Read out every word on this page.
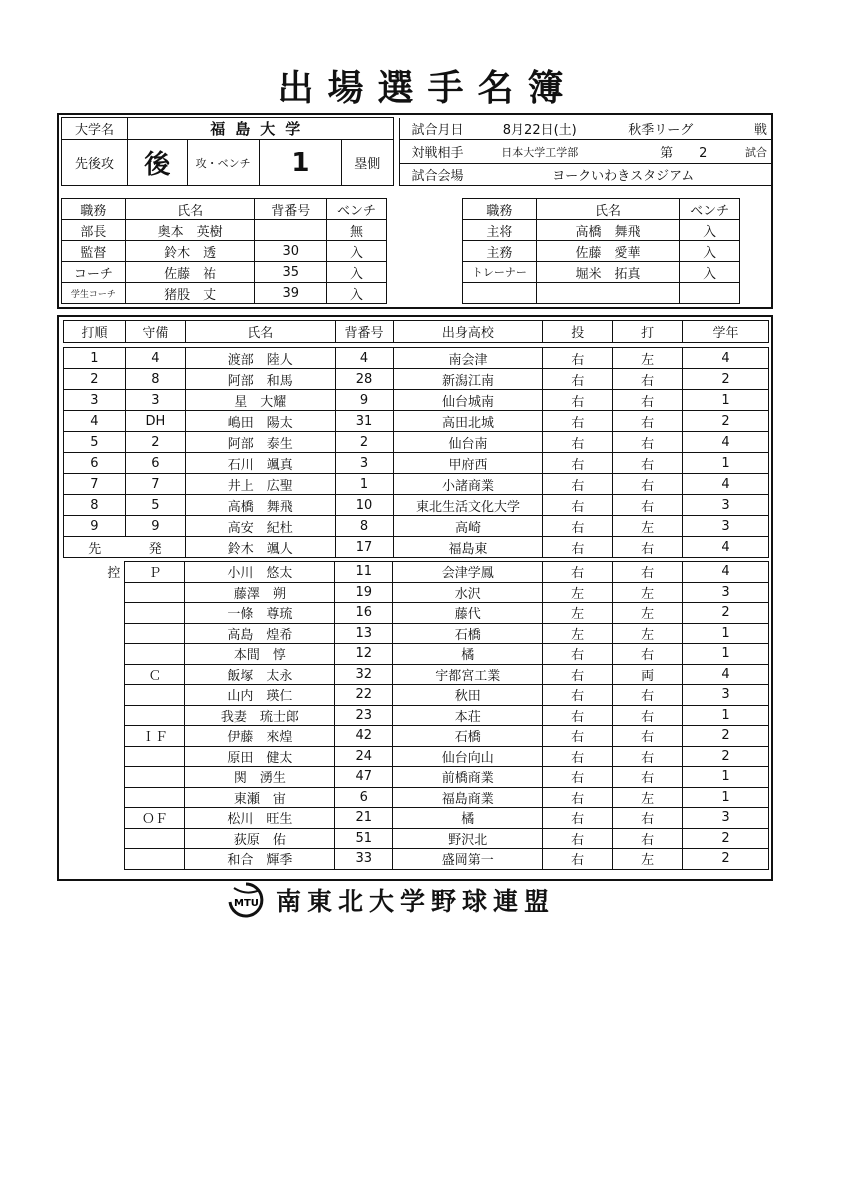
出場選手名簿
大学名	福島大学					試合月日	8月22日(土)	秋季リーグ	戦
先後攻	後	攻・ベンチ	1	塁側		対戦相手	日本大学工学部	第　　 2	試合
						試合会場	ヨークいわきスタジアム		
職務	氏名	背番号	ベンチ
部長	奥本　英樹		無
監督	鈴木　透	30	入
コーチ	佐藤　祐	35	入
学生コーチ	猪股　丈	39	入
職務	氏名	ベンチ
主将	高橋　舞飛	入
主務	佐藤　愛華	入
トレーナー	堀米　拓真	入

打順	守備	氏名	背番号	出身高校	投	打	学年
1	4	渡部　陸人	4	南会津	右	左	4
2	8	阿部　和馬	28	新潟江南	右	右	2
3	3	星　大耀	9	仙台城南	右	右	1
4	DH	嶋田　陽太	31	高田北城	右	右	2
5	2	阿部　泰生	2	仙台南	右	右	4
6	6	石川　颯真	3	甲府西	右	右	1
7	7	井上　広聖	1	小諸商業	右	右	4
8	5	高橋　舞飛	10	東北生活文化大学	右	右	3
9	9	高安　紀杜	8	高崎	右	左	3
先	発	鈴木　颯人	17	福島東	右	右	4
控	Ｐ	小川　悠太	11	会津学鳳	右	右	4
		藤澤　朔	19	水沢	左	左	3
		一條　尊琉	16	藤代	左	左	2
		高島　煌希	13	石橋	左	左	1
		本間　惇	12	橘	右	右	1
	Ｃ	飯塚　太永	32	宇都宮工業	右	両	4
		山内　瑛仁	22	秋田	右	右	3
		我妻　琉士郎	23	本荘	右	右	1
	ＩＦ	伊藤　來煌	42	石橋	右	右	2
		原田　健太	24	仙台向山	右	右	2
		関　湧生	47	前橋商業	右	右	1
		東瀬　宙	6	福島商業	右	左	1
	ＯＦ	松川　旺生	21	橘	右	右	3
		荻原　佑	51	野沢北	右	右	2
		和合　輝季	33	盛岡第一	右	左	2
MTU 南東北大学野球連盟
